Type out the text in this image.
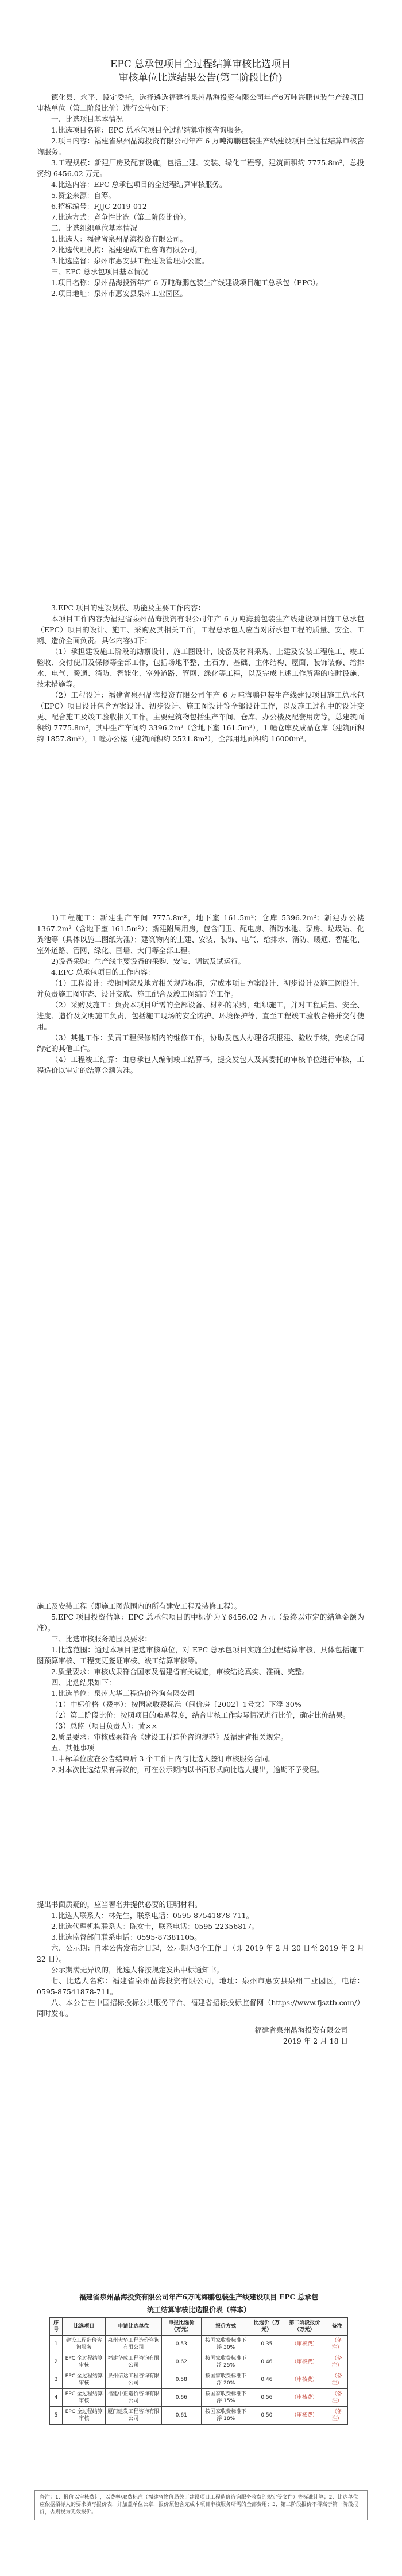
EPC 总承包项目全过程结算审核比选项目
审核单位比选结果公告(第二阶段比价)

德化县、永平、设定委托，选择遴选福建省泉州晶海投资有限公司年产6万吨海鹏包装生产线项目审核单位（第二阶段比价）进行公告如下：

一、比选项目基本情况

1.比选项目名称：EPC 总承包项目全过程结算审核咨询服务。

2.项目内容：福建省泉州晶海投资有限公司年产 6 万吨海鹏包装生产线建设项目全过程结算审核咨询服务。

3.工程规模：新建厂房及配套设施，包括土建、安装、绿化工程等，建筑面积约 7775.8m²，总投资约 6456.02 万元。

4.比选内容：EPC 总承包项目的全过程结算审核服务。

5.资金来源：自筹。

6.招标编号：FJJC-2019-012

7.比选方式：竞争性比选（第二阶段比价）。

二、比选组织单位基本情况

1.比选人：福建省泉州晶海投资有限公司。

2.比选代理机构：福建建成工程咨询有限公司。

3.比选监督：泉州市惠安县工程建设管理办公室。

三、EPC 总承包项目基本情况

1.项目名称：泉州晶海投资年产 6 万吨海鹏包装生产线建设项目施工总承包（EPC）。

2.项目地址：泉州市惠安县泉州工业园区。

3.EPC 项目的建设规模、功能及主要工作内容：

本项目工作内容为福建省泉州晶海投资有限公司年产 6 万吨海鹏包装生产线建设项目施工总承包（EPC）项目的设计、施工、采购及其相关工作，工程总承包人应当对所承包工程的质量、安全、工期、造价全面负责。具体内容如下：

（1）承担建设施工阶段的勘察设计、施工图设计、设备及材料采购、土建及安装工程施工、竣工验收、交付使用及保修等全部工作，包括场地平整、土石方、基础、主体结构、屋面、装饰装修、给排水、电气、暖通、消防、智能化、室外道路、管网、绿化等工程，以及完成上述工作所需的临时设施、技术措施等。

（2）工程设计：福建省泉州晶海投资有限公司年产 6 万吨海鹏包装生产线建设项目施工总承包（EPC）项目设计包含方案设计、初步设计、施工图设计等全部设计工作，以及施工过程中的设计变更、配合施工及竣工验收相关工作。主要建筑物包括生产车间、仓库、办公楼及配套用房等，总建筑面积约 7775.8m²，其中生产车间约 3396.2m²（含地下室 161.5m²），1 幢仓库及成品仓库（建筑面积约 1857.8m²），1 幢办公楼（建筑面积约 2521.8m²），全部用地面积约 16000m²。

1)工程施工：新建生产车间 7775.8m²，地下室 161.5m²；仓库 5396.2m²；新建办公楼 1367.2m²（含地下室 161.5m²）；新建附属用房，包含门卫、配电房、消防水池、泵房、垃圾站、化粪池等（具体以施工图纸为准）；建筑物内的土建、安装、装饰、电气、给排水、消防、暖通、智能化、室外道路、管网、绿化、围墙、大门等全部工程。

2)设备采购：生产线主要设备的采购、安装、调试及试运行。

4.EPC 总承包项目的工作内容：

（1）工程设计：按照国家及地方相关规范标准，完成本项目方案设计、初步设计及施工图设计，并负责施工图审查、设计交底、施工配合及竣工图编制等工作。

（2）采购及施工：负责本项目所需的全部设备、材料的采购，组织施工，并对工程质量、安全、进度、造价及文明施工负责，包括施工现场的安全防护、环境保护等，直至工程竣工验收合格并交付使用。

（3）其他工作：负责工程保修期内的维修工作，协助发包人办理各项报建、验收手续，完成合同约定的其他工作。

（4）工程竣工结算：由总承包人编制竣工结算书，提交发包人及其委托的审核单位进行审核，工程造价以审定的结算金额为准。

施工及安装工程（即施工图范围内的所有建安工程及装修工程）。

5.EPC 项目投资估算：EPC 总承包项目的中标价为￥6456.02 万元（最终以审定的结算金额为准）。

三、比选审核服务范围及要求：

1.比选范围：通过本项目遴选审核单位，对 EPC 总承包项目实施全过程结算审核，具体包括施工图预算审核、工程变更签证审核、竣工结算审核等。

2.质量要求：审核成果符合国家及福建省有关规定，审核结论真实、准确、完整。

四、比选结果如下：

1.比选单位：泉州大华工程造价咨询有限公司

（1）中标价格（费率）：按国家收费标准（闽价房〔2002〕1号文）下浮 30%

（2）第二阶段比价：按照项目的难易程度，结合审核工作实际情况进行比价，确定比价结果。

（3）总监（项目负责人）：黄××

2.质量要求：审核成果符合《建设工程造价咨询规范》及福建省相关规定。

五、其他事项

1.中标单位应在公告结束后 3 个工作日内与比选人签订审核服务合同。

2.对本次比选结果有异议的，可在公示期内以书面形式向比选人提出，逾期不予受理。

提出书面质疑的，应当署名并提供必要的证明材料。

1.比选人联系人：林先生，联系电话：0595-87541878-711。

2.比选代理机构联系人：陈女士，联系电话：0595-22356817。

3.比选监督部门联系电话：0595-87381105。

六、公示期：自本公告发布之日起，公示期为3个工作日（即 2019 年 2 月 20 日至 2019 年 2 月 22 日）。

公示期满无异议的，比选人将按规定发出中标通知书。

七、比选人名称：福建省泉州晶海投资有限公司，地址：泉州市惠安县泉州工业园区，电话：0595-87541878-711。

八、本公告在中国招标投标公共服务平台、福建省招标投标监督网（https://www.fjsztb.com/）同时发布。

福建省泉州晶海投资有限公司

2019 年 2 月 18 日

福建省泉州晶海投资有限公司年产6万吨海鹏包装生产线建设项目 EPC 总承包

统工结算审核比选报价表（样本）

序号	比选项目	申请比选单位	申报比选价（万元）	报价方式	比选价（万元）	第二阶段报价（万元）	备注
1	建设工程造价咨询服务	泉州大华工程造价咨询有限公司	0.53	按国家收费标准下浮 30%	0.35	（审核费）	（备注）
2	EPC 全过程结算审核	福建华成工程咨询有限公司	0.62	按国家收费标准下浮 25%	0.46	（审核费）	（备注）
3	EPC 全过程结算审核	泉州信达工程咨询有限公司	0.58	按国家收费标准下浮 20%	0.46	（审核费）	（备注）
4	EPC 全过程结算审核	福建中正造价咨询有限公司	0.66	按国家收费标准下浮 15%	0.56	（审核费）	（备注）
5	EPC 全过程结算审核	厦门建发工程咨询有限公司	0.61	按国家收费标准下浮 18%	0.50	（审核费）	（备注）
备注：1、报价以审核费计，以费率/取费标准（福建省物价局关于建设项目工程造价咨询服务收费的规定等文件）等标准计算；2、比选单位应依据招标人的要求填写报价表，并加盖单位公章，报价须包含完成本项目审核服务所需的全部费用；3、第二阶段报价不得高于第一阶段报价，否则视为无效报价。
